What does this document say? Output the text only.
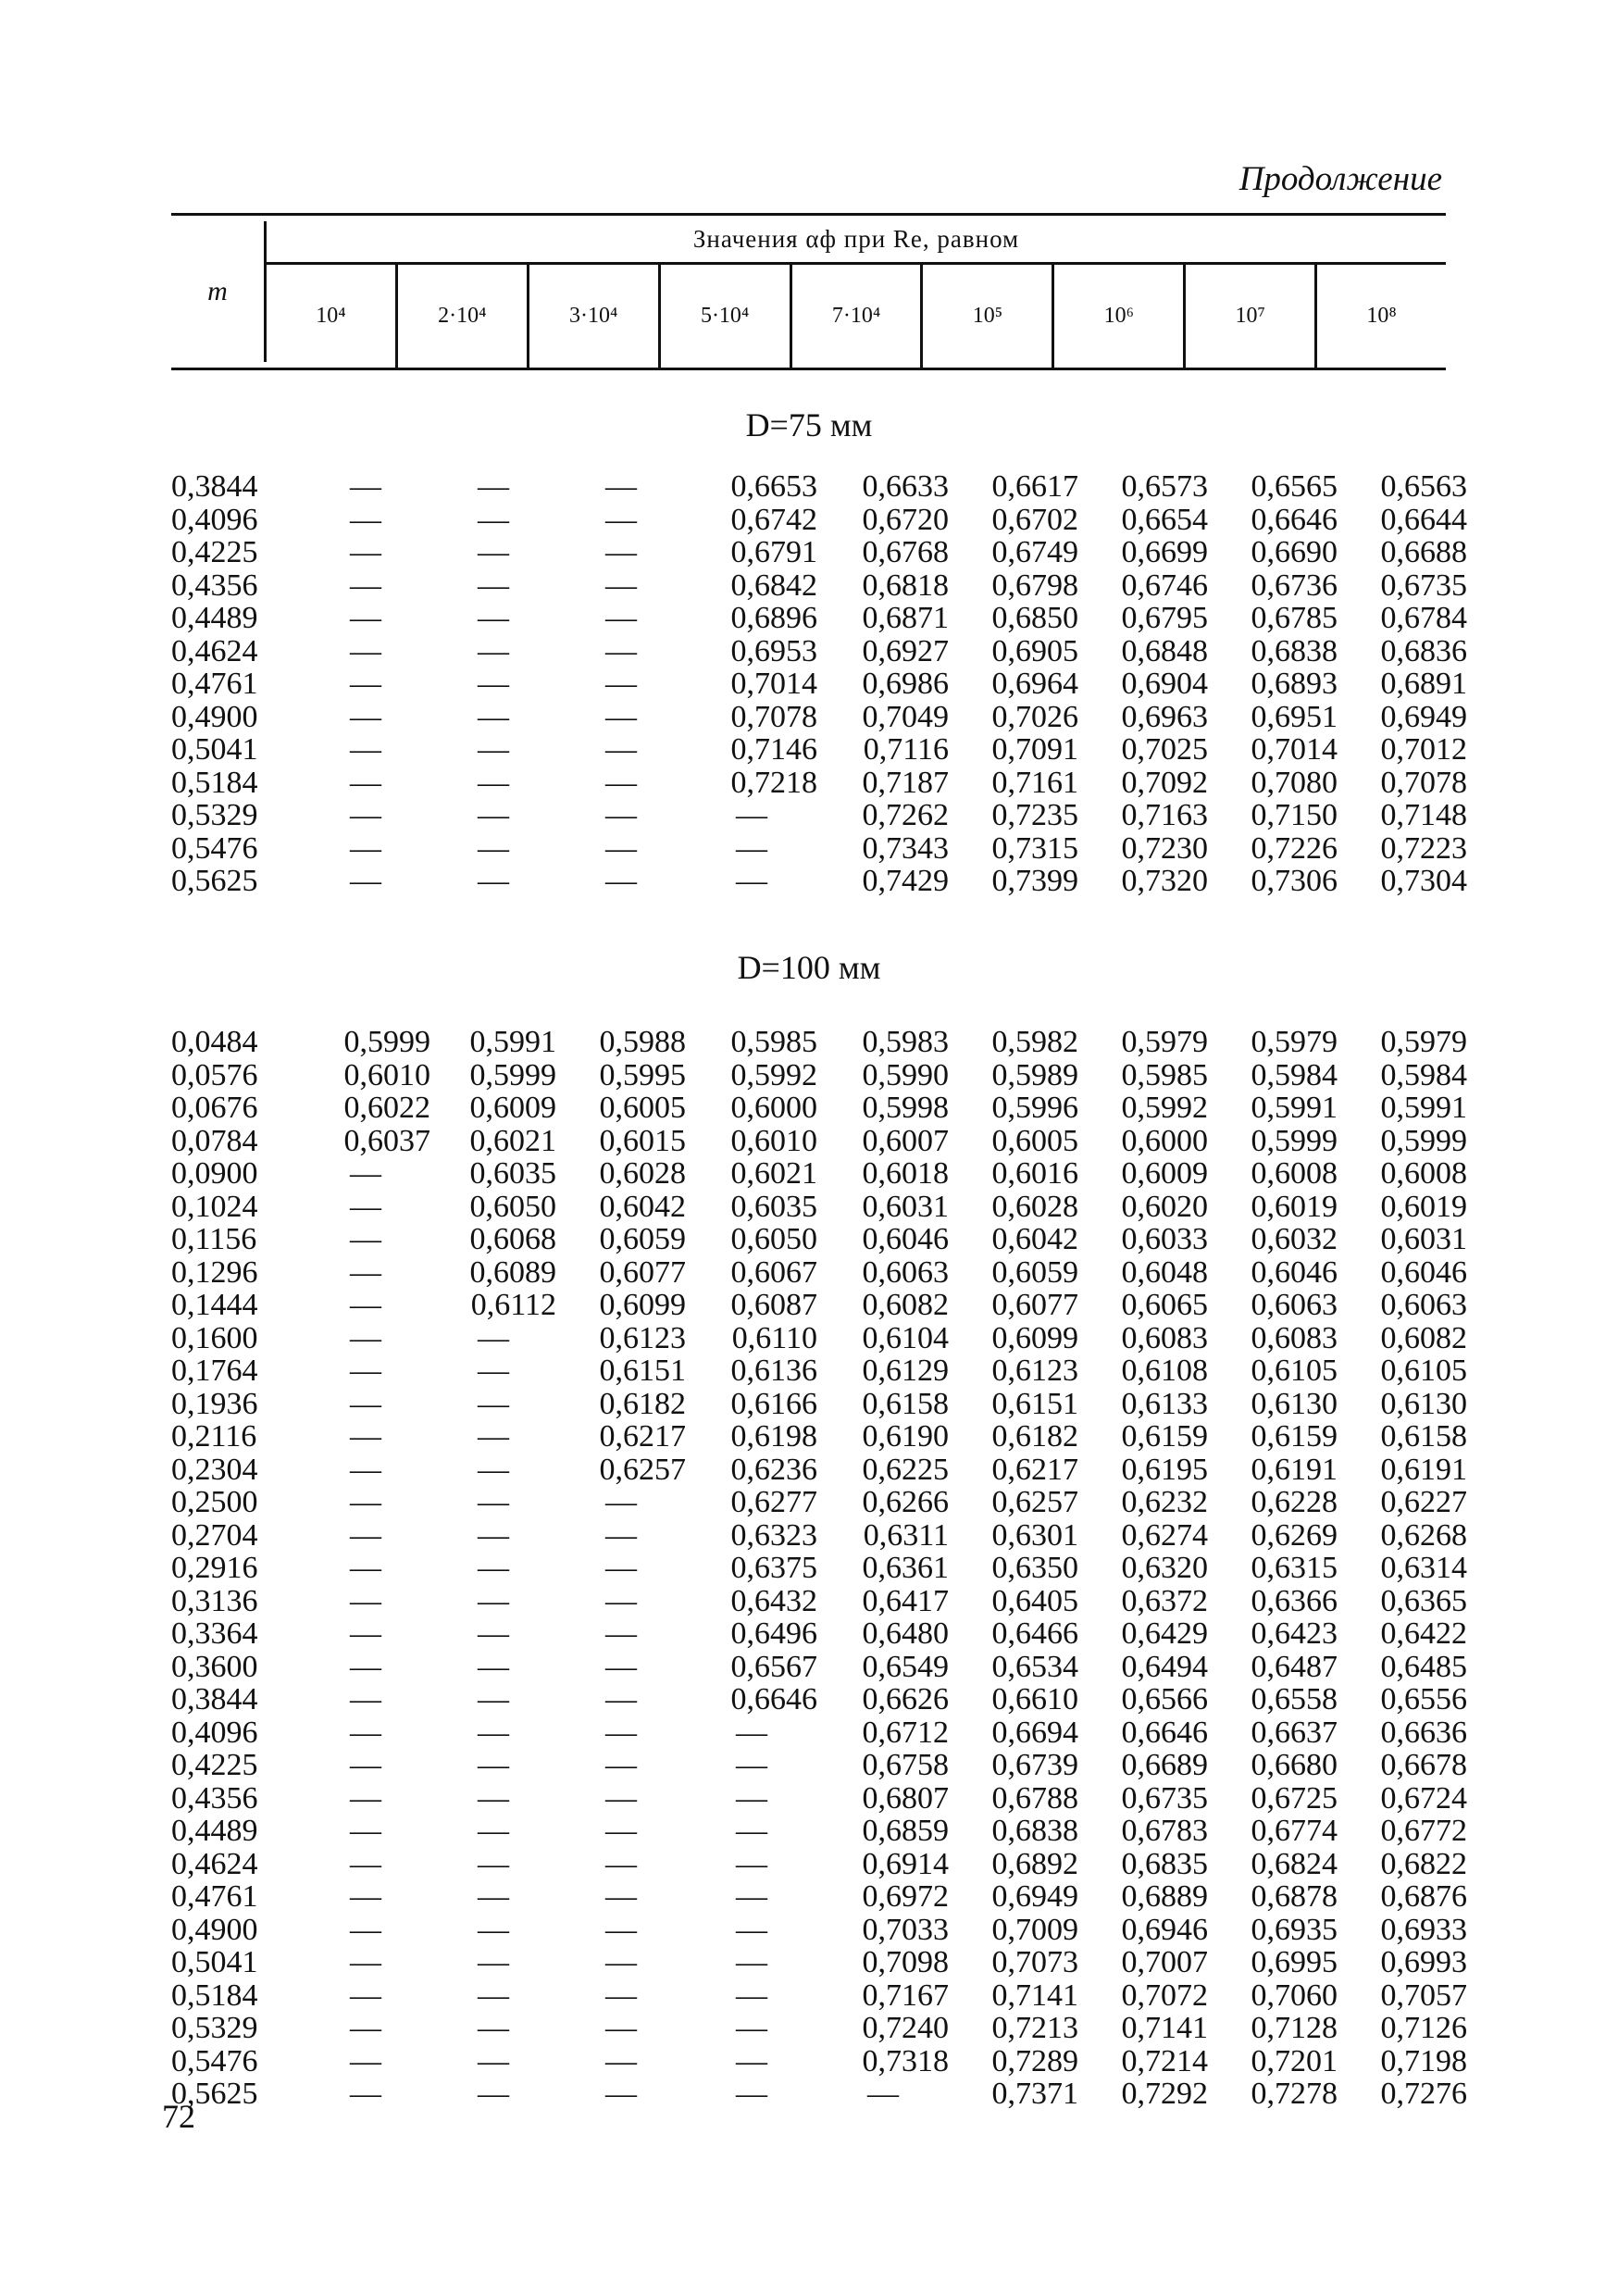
Продолжение
m
Значения αф при Re, равном
10⁴	2·10⁴	3·10⁴	5·10⁴	7·10⁴	10⁵	10⁶	10⁷	10⁸
D=75 мм
0,3844	—	—	—	0,6653	0,6633	0,6617	0,6573	0,6565	0,6563
0,4096	—	—	—	0,6742	0,6720	0,6702	0,6654	0,6646	0,6644
0,4225	—	—	—	0,6791	0,6768	0,6749	0,6699	0,6690	0,6688
0,4356	—	—	—	0,6842	0,6818	0,6798	0,6746	0,6736	0,6735
0,4489	—	—	—	0,6896	0,6871	0,6850	0,6795	0,6785	0,6784
0,4624	—	—	—	0,6953	0,6927	0,6905	0,6848	0,6838	0,6836
0,4761	—	—	—	0,7014	0,6986	0,6964	0,6904	0,6893	0,6891
0,4900	—	—	—	0,7078	0,7049	0,7026	0,6963	0,6951	0,6949
0,5041	—	—	—	0,7146	0,7116	0,7091	0,7025	0,7014	0,7012
0,5184	—	—	—	0,7218	0,7187	0,7161	0,7092	0,7080	0,7078
0,5329	—	—	—	—	0,7262	0,7235	0,7163	0,7150	0,7148
0,5476	—	—	—	—	0,7343	0,7315	0,7230	0,7226	0,7223
0,5625	—	—	—	—	0,7429	0,7399	0,7320	0,7306	0,7304
D=100 мм
0,0484	0,5999	0,5991	0,5988	0,5985	0,5983	0,5982	0,5979	0,5979	0,5979
0,0576	0,6010	0,5999	0,5995	0,5992	0,5990	0,5989	0,5985	0,5984	0,5984
0,0676	0,6022	0,6009	0,6005	0,6000	0,5998	0,5996	0,5992	0,5991	0,5991
0,0784	0,6037	0,6021	0,6015	0,6010	0,6007	0,6005	0,6000	0,5999	0,5999
0,0900	—	0,6035	0,6028	0,6021	0,6018	0,6016	0,6009	0,6008	0,6008
0,1024	—	0,6050	0,6042	0,6035	0,6031	0,6028	0,6020	0,6019	0,6019
0,1156	—	0,6068	0,6059	0,6050	0,6046	0,6042	0,6033	0,6032	0,6031
0,1296	—	0,6089	0,6077	0,6067	0,6063	0,6059	0,6048	0,6046	0,6046
0,1444	—	0,6112	0,6099	0,6087	0,6082	0,6077	0,6065	0,6063	0,6063
0,1600	—	—	0,6123	0,6110	0,6104	0,6099	0,6083	0,6083	0,6082
0,1764	—	—	0,6151	0,6136	0,6129	0,6123	0,6108	0,6105	0,6105
0,1936	—	—	0,6182	0,6166	0,6158	0,6151	0,6133	0,6130	0,6130
0,2116	—	—	0,6217	0,6198	0,6190	0,6182	0,6159	0,6159	0,6158
0,2304	—	—	0,6257	0,6236	0,6225	0,6217	0,6195	0,6191	0,6191
0,2500	—	—	—	0,6277	0,6266	0,6257	0,6232	0,6228	0,6227
0,2704	—	—	—	0,6323	0,6311	0,6301	0,6274	0,6269	0,6268
0,2916	—	—	—	0,6375	0,6361	0,6350	0,6320	0,6315	0,6314
0,3136	—	—	—	0,6432	0,6417	0,6405	0,6372	0,6366	0,6365
0,3364	—	—	—	0,6496	0,6480	0,6466	0,6429	0,6423	0,6422
0,3600	—	—	—	0,6567	0,6549	0,6534	0,6494	0,6487	0,6485
0,3844	—	—	—	0,6646	0,6626	0,6610	0,6566	0,6558	0,6556
0,4096	—	—	—	—	0,6712	0,6694	0,6646	0,6637	0,6636
0,4225	—	—	—	—	0,6758	0,6739	0,6689	0,6680	0,6678
0,4356	—	—	—	—	0,6807	0,6788	0,6735	0,6725	0,6724
0,4489	—	—	—	—	0,6859	0,6838	0,6783	0,6774	0,6772
0,4624	—	—	—	—	0,6914	0,6892	0,6835	0,6824	0,6822
0,4761	—	—	—	—	0,6972	0,6949	0,6889	0,6878	0,6876
0,4900	—	—	—	—	0,7033	0,7009	0,6946	0,6935	0,6933
0,5041	—	—	—	—	0,7098	0,7073	0,7007	0,6995	0,6993
0,5184	—	—	—	—	0,7167	0,7141	0,7072	0,7060	0,7057
0,5329	—	—	—	—	0,7240	0,7213	0,7141	0,7128	0,7126
0,5476	—	—	—	—	0,7318	0,7289	0,7214	0,7201	0,7198
0,5625	—	—	—	—	—	0,7371	0,7292	0,7278	0,7276
72
